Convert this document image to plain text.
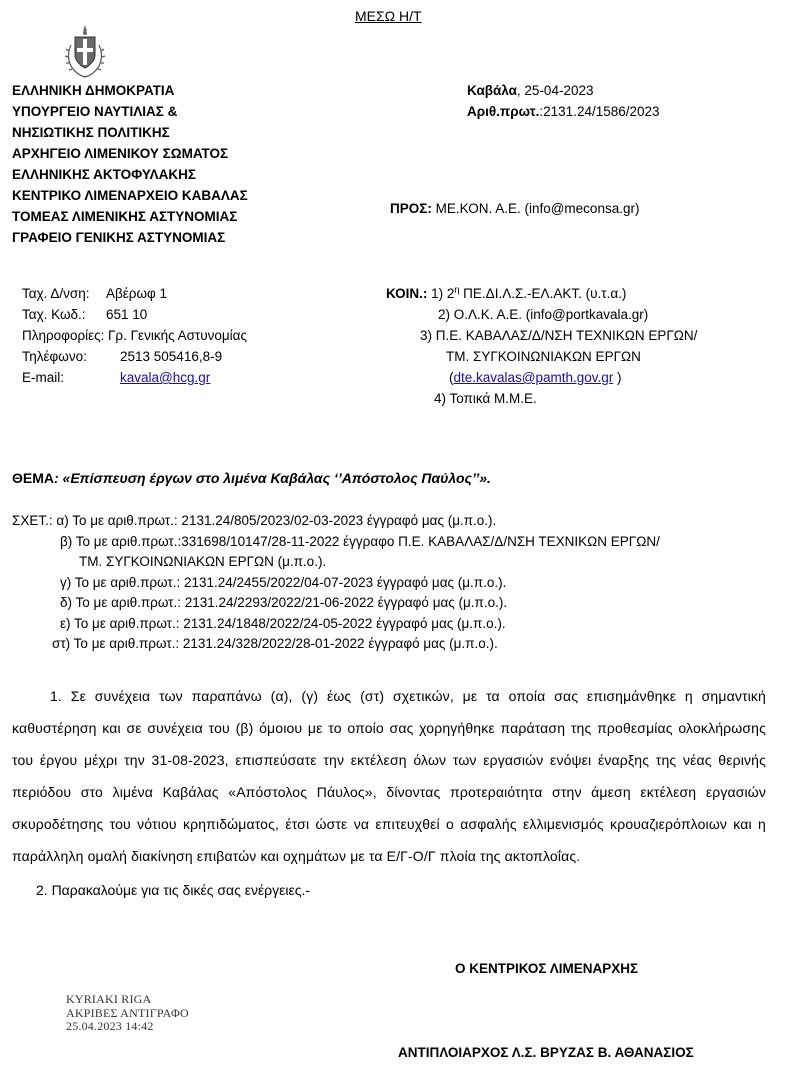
ΜΕΣΩ Η/Τ
ΕΛΛΗΝΙΚΗ ΔΗΜΟΚΡΑΤΙΑ
ΥΠΟΥΡΓΕΙΟ ΝΑΥΤΙΛΙΑΣ &
ΝΗΣΙΩΤΙΚΗΣ ΠΟΛΙΤΙΚΗΣ
ΑΡΧΗΓΕΙΟ ΛΙΜΕΝΙΚΟΥ ΣΩΜΑΤΟΣ
ΕΛΛΗΝΙΚΗΣ ΑΚΤΟΦΥΛΑΚΗΣ
ΚΕΝΤΡΙΚΟ ΛΙΜΕΝΑΡΧΕΙΟ ΚΑΒΑΛΑΣ
ΤΟΜΕΑΣ ΛΙΜΕΝΙΚΗΣ ΑΣΤΥΝΟΜΙΑΣ
ΓΡΑΦΕΙΟ ΓΕΝΙΚΗΣ ΑΣΤΥΝΟΜΙΑΣ
Καβάλα, 25-04-2023
Αριθ.πρωτ.:2131.24/1586/2023
ΠΡΟΣ: ΜΕ.ΚΟΝ. Α.Ε. (info@meconsa.gr)
Ταχ. Δ/νση: Αβέρωφ 1
Ταχ. Κωδ.: 651 10
Πληροφορίες: Γρ. Γενικής Αστυνομίας
Τηλέφωνο: 2513 505416,8-9
E-mail:	kavala@hcg.gr
ΚΟΙΝ.: 1) $2^\eta$ ΠΕ.ΔΙ.Λ.Σ.-ΕΛ.ΑΚΤ. (υ.τ.α.)
2) Ο.Λ.Κ. Α.Ε. (info@portkavala.gr)
3) Π.Ε. ΚΑΒΑΛΑΣ/Δ/ΝΣΗ ΤΕΧΝΙΚΩΝ ΕΡΓΩΝ/
ΤΜ. ΣΥΓΚΟΙΝΩΝΙΑΚΩΝ ΕΡΓΩΝ
(dte.kavalas@pamth.gov.gr )
4) Τοπικά Μ.Μ.Ε.
ΘΕΜΑ: «Επίσπευση έργων στο λιμένα Καβάλας ‘’Απόστολος Παύλος’’».
ΣΧΕΤ.: α) Το με αριθ.πρωτ.: 2131.24/805/2023/02-03-2023 έγγραφό μας (μ.π.ο.).
β) Το με αριθ.πρωτ.:331698/10147/28-11-2022 έγγραφο Π.Ε. ΚΑΒΑΛΑΣ/Δ/ΝΣΗ ΤΕΧΝΙΚΩΝ ΕΡΓΩΝ/
ΤΜ. ΣΥΓΚΟΙΝΩΝΙΑΚΩΝ ΕΡΓΩΝ (μ.π.ο.).
γ) Το με αριθ.πρωτ.: 2131.24/2455/2022/04-07-2023 έγγραφό μας (μ.π.ο.).
δ) Το με αριθ.πρωτ.: 2131.24/2293/2022/21-06-2022 έγγραφό μας (μ.π.ο.).
ε) Το με αριθ.πρωτ.: 2131.24/1848/2022/24-05-2022 έγγραφό μας (μ.π.ο.).
στ) Το με αριθ.πρωτ.: 2131.24/328/2022/28-01-2022 έγγραφό μας (μ.π.ο.).

1. Σε συνέχεια των παραπάνω (α), (γ) έως (στ) σχετικών, με τα οποία σας επισημάνθηκε η σημαντική καθυστέρηση και σε συνέχεια του (β) όμοιου με το οποίο σας χορηγήθηκε παράταση της προθεσμίας ολοκλήρωσης του έργου μέχρι την 31-08-2023, επισπεύσατε την εκτέλεση όλων των εργασιών ενόψει έναρξης της νέας θερινής περιόδου στο λιμένα Καβάλας «Απόστολος Πάυλος», δίνοντας προτεραιότητα στην άμεση εκτέλεση εργασιών σκυροδέτησης του νότιου κρηπιδώματος, έτσι ώστε να επιτευχθεί ο ασφαλής ελλιμενισμός κρουαζιερόπλοιων και η παράλληλη ομαλή διακίνηση επιβατών και οχημάτων με τα Ε/Γ-Ο/Γ πλοία της ακτοπλοΐας.

2. Παρακαλούμε για τις δικές σας ενέργειες.-

Ο ΚΕΝΤΡΙΚΟΣ ΛΙΜΕΝΑΡΧΗΣ
KYRIAKI RIGA
ΑΚΡΙΒΕΣ ΑΝΤΙΓΡΑΦΟ
25.04.2023 14:42
ΑΝΤΙΠΛΟΙΑΡΧΟΣ Λ.Σ. ΒΡΥΖΑΣ Β. ΑΘΑΝΑΣΙΟΣ
